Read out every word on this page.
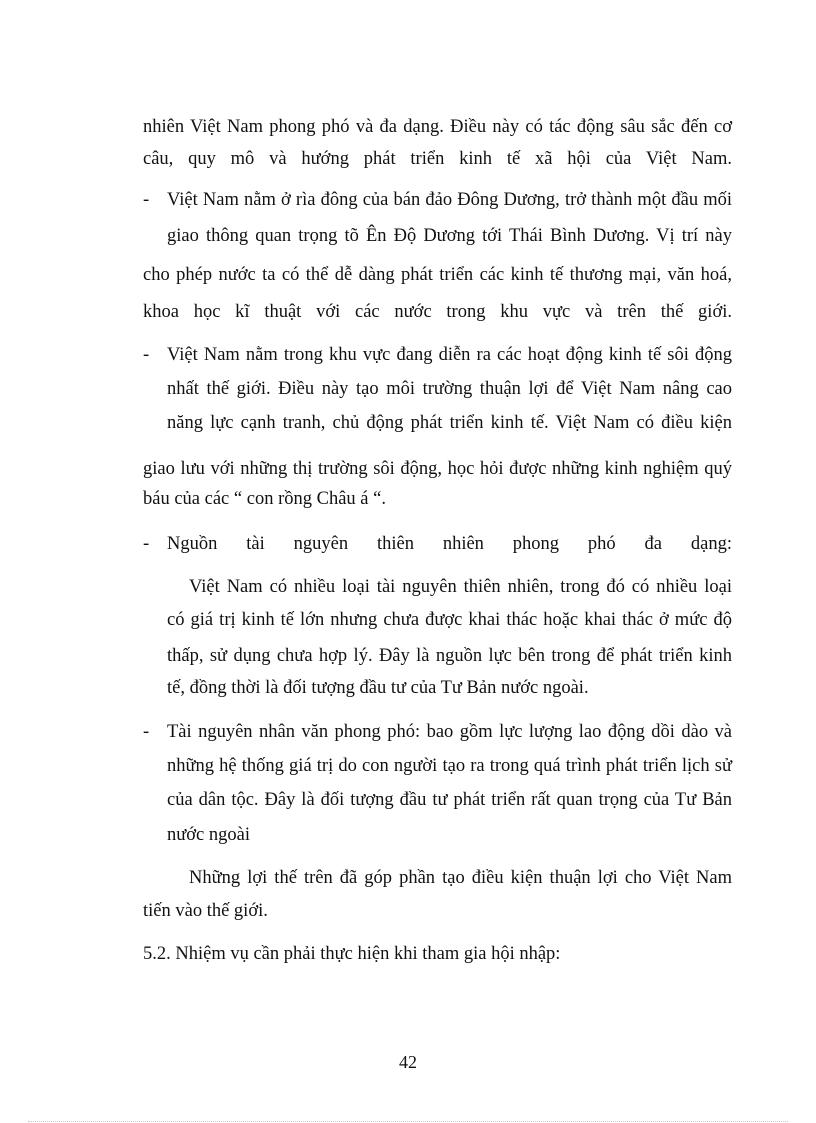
nhiên Việt Nam phong phó và đa dạng. Điều này có tác động sâu sắc đến cơ
câu, quy mô và hướng phát triển kinh tế xã hội của Việt Nam.
- Việt Nam nằm ở rìa đông của bán đảo Đông Dương, trở thành một đầu mối
giao thông quan trọng tõ Ên Độ Dương tới Thái Bình Dương. Vị trí này
cho phép nước ta có thể dễ dàng phát triển các kinh tế thương mại, văn hoá,
khoa học kĩ thuật với các nước trong khu vực và trên thế giới.
- Việt Nam nằm trong khu vực đang diễn ra các hoạt động kinh tế sôi động
nhất thế giới. Điều này tạo môi trường thuận lợi để Việt Nam nâng cao
năng lực cạnh tranh, chủ động phát triển kinh tế. Việt Nam có điều kiện
giao lưu với những thị trường sôi động, học hỏi được những kinh nghiệm quý
báu của các “ con rồng Châu á “.
- Nguồn tài nguyên thiên nhiên phong phó đa dạng:
Việt Nam có nhiều loại tài nguyên thiên nhiên, trong đó có nhiều loại
có giá trị kinh tế lớn nhưng chưa được khai thác hoặc khai thác ở mức độ
thấp, sử dụng chưa hợp lý. Đây là nguồn lực bên trong để phát triển kinh
tế, đồng thời là đối tượng đầu tư của Tư Bản nước ngoài.
- Tài nguyên nhân văn phong phó: bao gồm lực lượng lao động dồi dào và
những hệ thống giá trị do con người tạo ra trong quá trình phát triển lịch sử
của dân tộc. Đây là đối tượng đầu tư phát triển rất quan trọng của Tư Bản
nước ngoài
Những lợi thế trên đã góp phần tạo điều kiện thuận lợi cho Việt Nam
tiến vào thế giới.
5.2. Nhiệm vụ cần phải thực hiện khi tham gia hội nhập:
42
